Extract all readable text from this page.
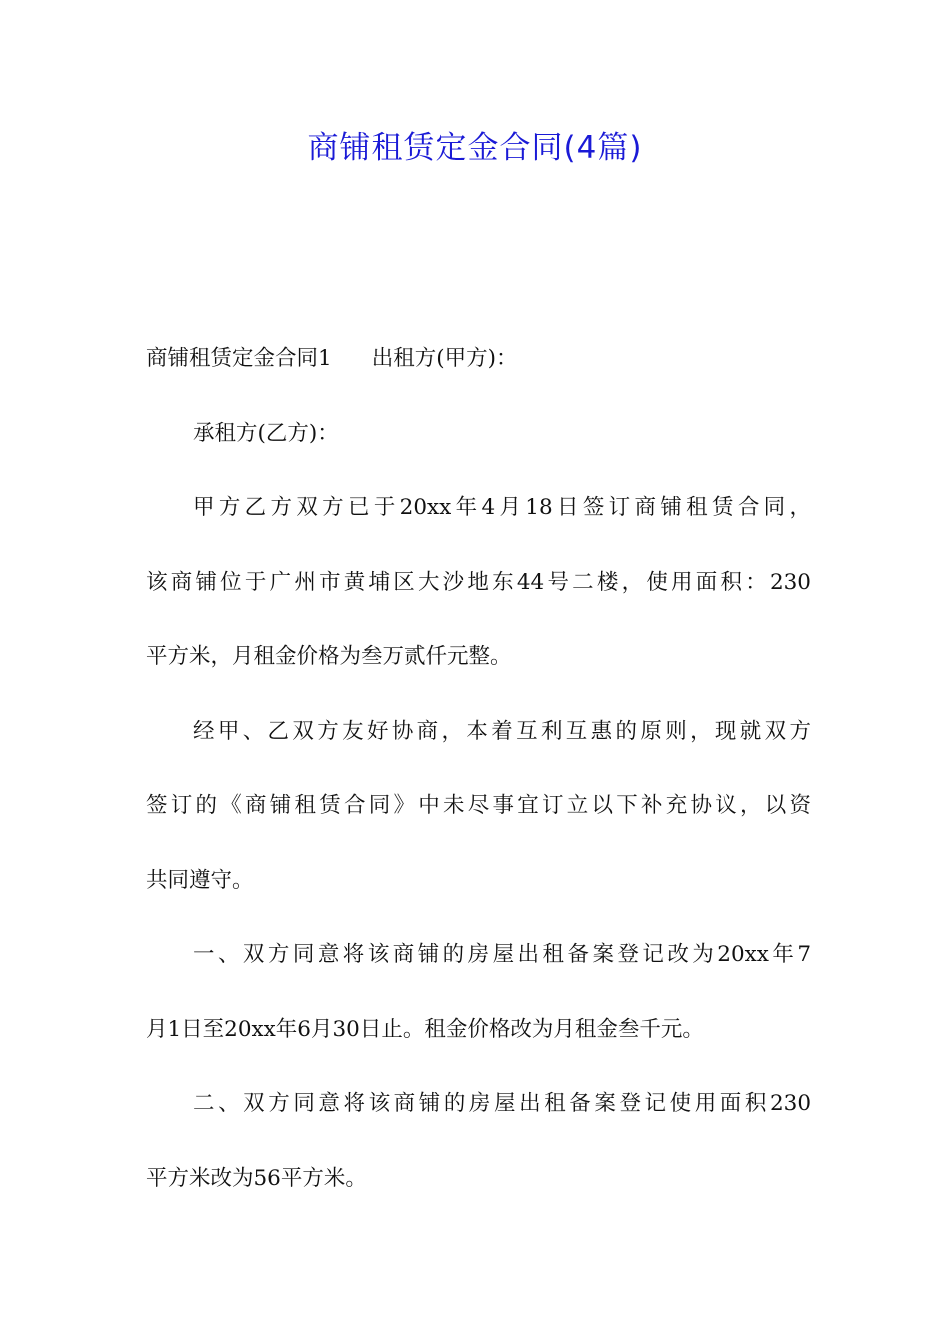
商铺租赁定金合同(4篇)
商铺租赁定金合同1 出租方(甲方)：
承租方(乙方)：
甲方乙方双方已于20xx年4月18日签订商铺租赁合同，
该商铺位于广州市黄埔区大沙地东44号二楼，使用面积：230
平方米，月租金价格为叁万贰仟元整。
经甲、乙双方友好协商，本着互利互惠的原则，现就双方
签订的《商铺租赁合同》中未尽事宜订立以下补充协议，以资
共同遵守。
一、双方同意将该商铺的房屋出租备案登记改为20xx年7
月1日至20xx年6月30日止。租金价格改为月租金叁千元。
二、双方同意将该商铺的房屋出租备案登记使用面积230
平方米改为56平方米。
